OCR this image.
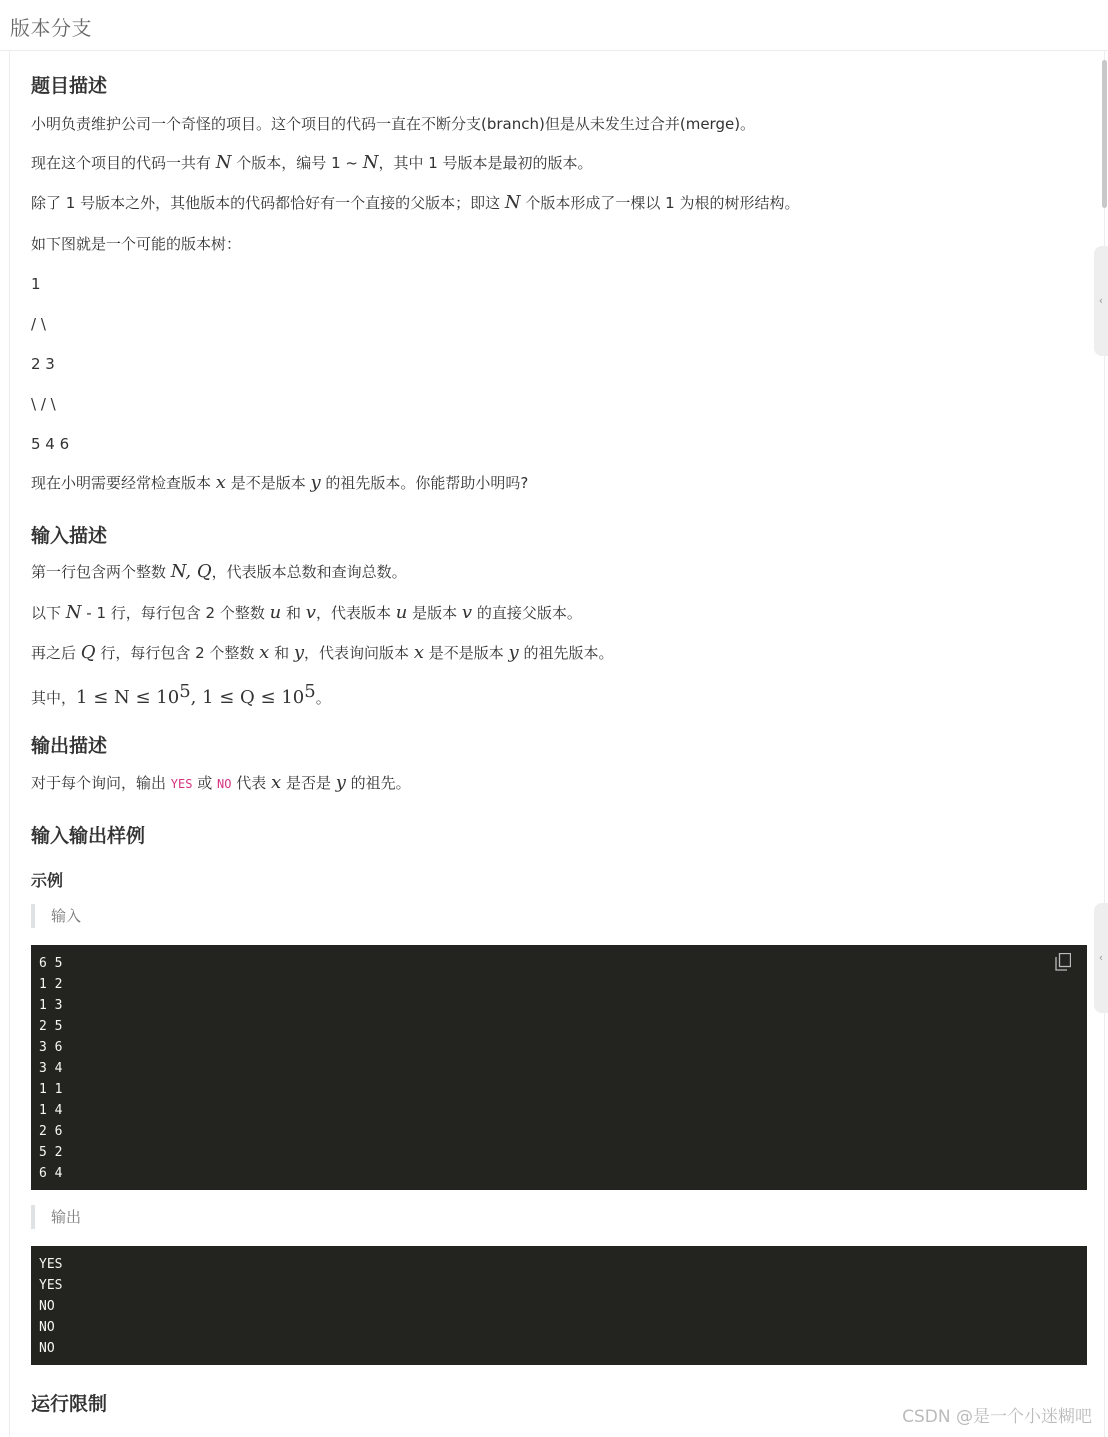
版本分支
题目描述
小明负责维护公司一个奇怪的项目。这个项目的代码一直在不断分支(branch)但是从未发生过合并(merge)。
现在这个项目的代码一共有 N 个版本，编号 1 ~ N，其中 1 号版本是最初的版本。
除了 1 号版本之外，其他版本的代码都恰好有一个直接的父版本；即这 N 个版本形成了一棵以 1 为根的树形结构。
如下图就是一个可能的版本树：
1
/ \
2 3
\ / \
5 4 6
现在小明需要经常检查版本 x 是不是版本 y 的祖先版本。你能帮助小明吗?
输入描述
第一行包含两个整数 N, Q，代表版本总数和查询总数。
以下 N - 1 行，每行包含 2 个整数 u 和 v，代表版本 u 是版本 v 的直接父版本。
再之后 Q 行，每行包含 2 个整数 x 和 y，代表询问版本 x 是不是版本 y 的祖先版本。
其中，$1 \le N \le 10^5$, $1 \le Q \le 10^5$。
输出描述
对于每个询问，输出 YES 或 NO 代表 x 是否是 y 的祖先。
输入输出样例
示例
输入
6 5
1 2
1 3
2 5
3 6
3 4
1 1
1 4
2 6
5 2
6 4
输出
YES
YES
NO
NO
NO
运行限制
‹
‹
CSDN @是一个小迷糊吧
